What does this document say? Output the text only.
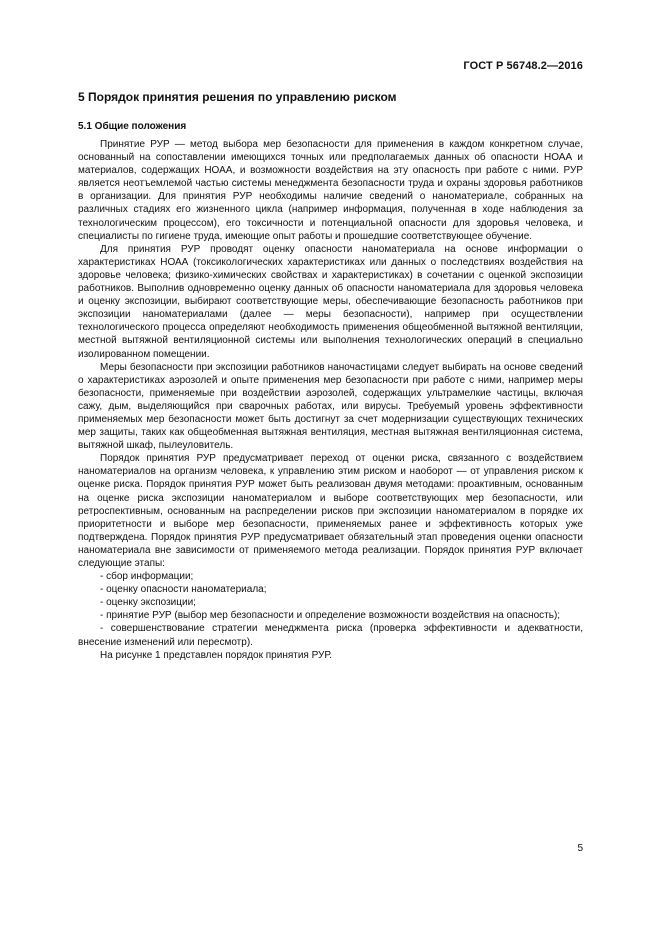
ГОСТ Р 56748.2—2016
5 Порядок принятия решения по управлению риском
5.1 Общие положения

Принятие РУР — метод выбора мер безопасности для применения в каждом конкретном случае, основанный на сопоставлении имеющихся точных или предполагаемых данных об опасности НОАА и материалов, содержащих НОАА, и возможности воздействия на эту опасность при работе с ними. РУР является неотъемлемой частью системы менеджмента безопасности труда и охраны здоровья работников в организации. Для принятия РУР необходимы наличие сведений о наноматериале, собранных на различных стадиях его жизненного цикла (например информация, полученная в ходе наблюдения за технологическим процессом), его токсичности и потенциальной опасности для здоровья человека, и специалисты по гигиене труда, имеющие опыт работы и прошедшие соответствующее обучение.

Для принятия РУР проводят оценку опасности наноматериала на основе информации о характеристиках НОАА (токсикологических характеристиках или данных о последствиях воздействия на здоровье человека; физико-химических свойствах и характеристиках) в сочетании с оценкой экспозиции работников. Выполнив одновременно оценку данных об опасности наноматериала для здоровья человека и оценку экспозиции, выбирают соответствующие меры, обеспечивающие безопасность работников при экспозиции наноматериалами (далее — меры безопасности), например при осуществлении технологического процесса определяют необходимость применения общеобменной вытяжной вентиляции, местной вытяжной вентиляционной системы или выполнения технологических операций в специально изолированном помещении.

Меры безопасности при экспозиции работников наночастицами следует выбирать на основе сведений о характеристиках аэрозолей и опыте применения мер безопасности при работе с ними, например меры безопасности, применяемые при воздействии аэрозолей, содержащих ультрамелкие частицы, включая сажу, дым, выделяющийся при сварочных работах, или вирусы. Требуемый уровень эффективности применяемых мер безопасности может быть достигнут за счет модернизации существующих технических мер защиты, таких как общеобменная вытяжная вентиляция, местная вытяжная вентиляционная система, вытяжной шкаф, пылеуловитель.

Порядок принятия РУР предусматривает переход от оценки риска, связанного с воздействием наноматериалов на организм человека, к управлению этим риском и наоборот — от управления риском к оценке риска. Порядок принятия РУР может быть реализован двумя методами: проактивным, основанным на оценке риска экспозиции наноматериалом и выборе соответствующих мер безопасности, или ретроспективным, основанным на распределении рисков при экспозиции наноматериалом в порядке их приоритетности и выборе мер безопасности, применяемых ранее и эффективность которых уже подтверждена. Порядок принятия РУР предусматривает обязательный этап проведения оценки опасности наноматериала вне зависимости от применяемого метода реализации. Порядок принятия РУР включает следующие этапы:

- сбор информации;

- оценку опасности наноматериала;

- оценку экспозиции;

- принятие РУР (выбор мер безопасности и определение возможности воздействия на опасность);

- совершенствование стратегии менеджмента риска (проверка эффективности и адекватности, внесение изменений или пересмотр).

На рисунке 1 представлен порядок принятия РУР.

5
